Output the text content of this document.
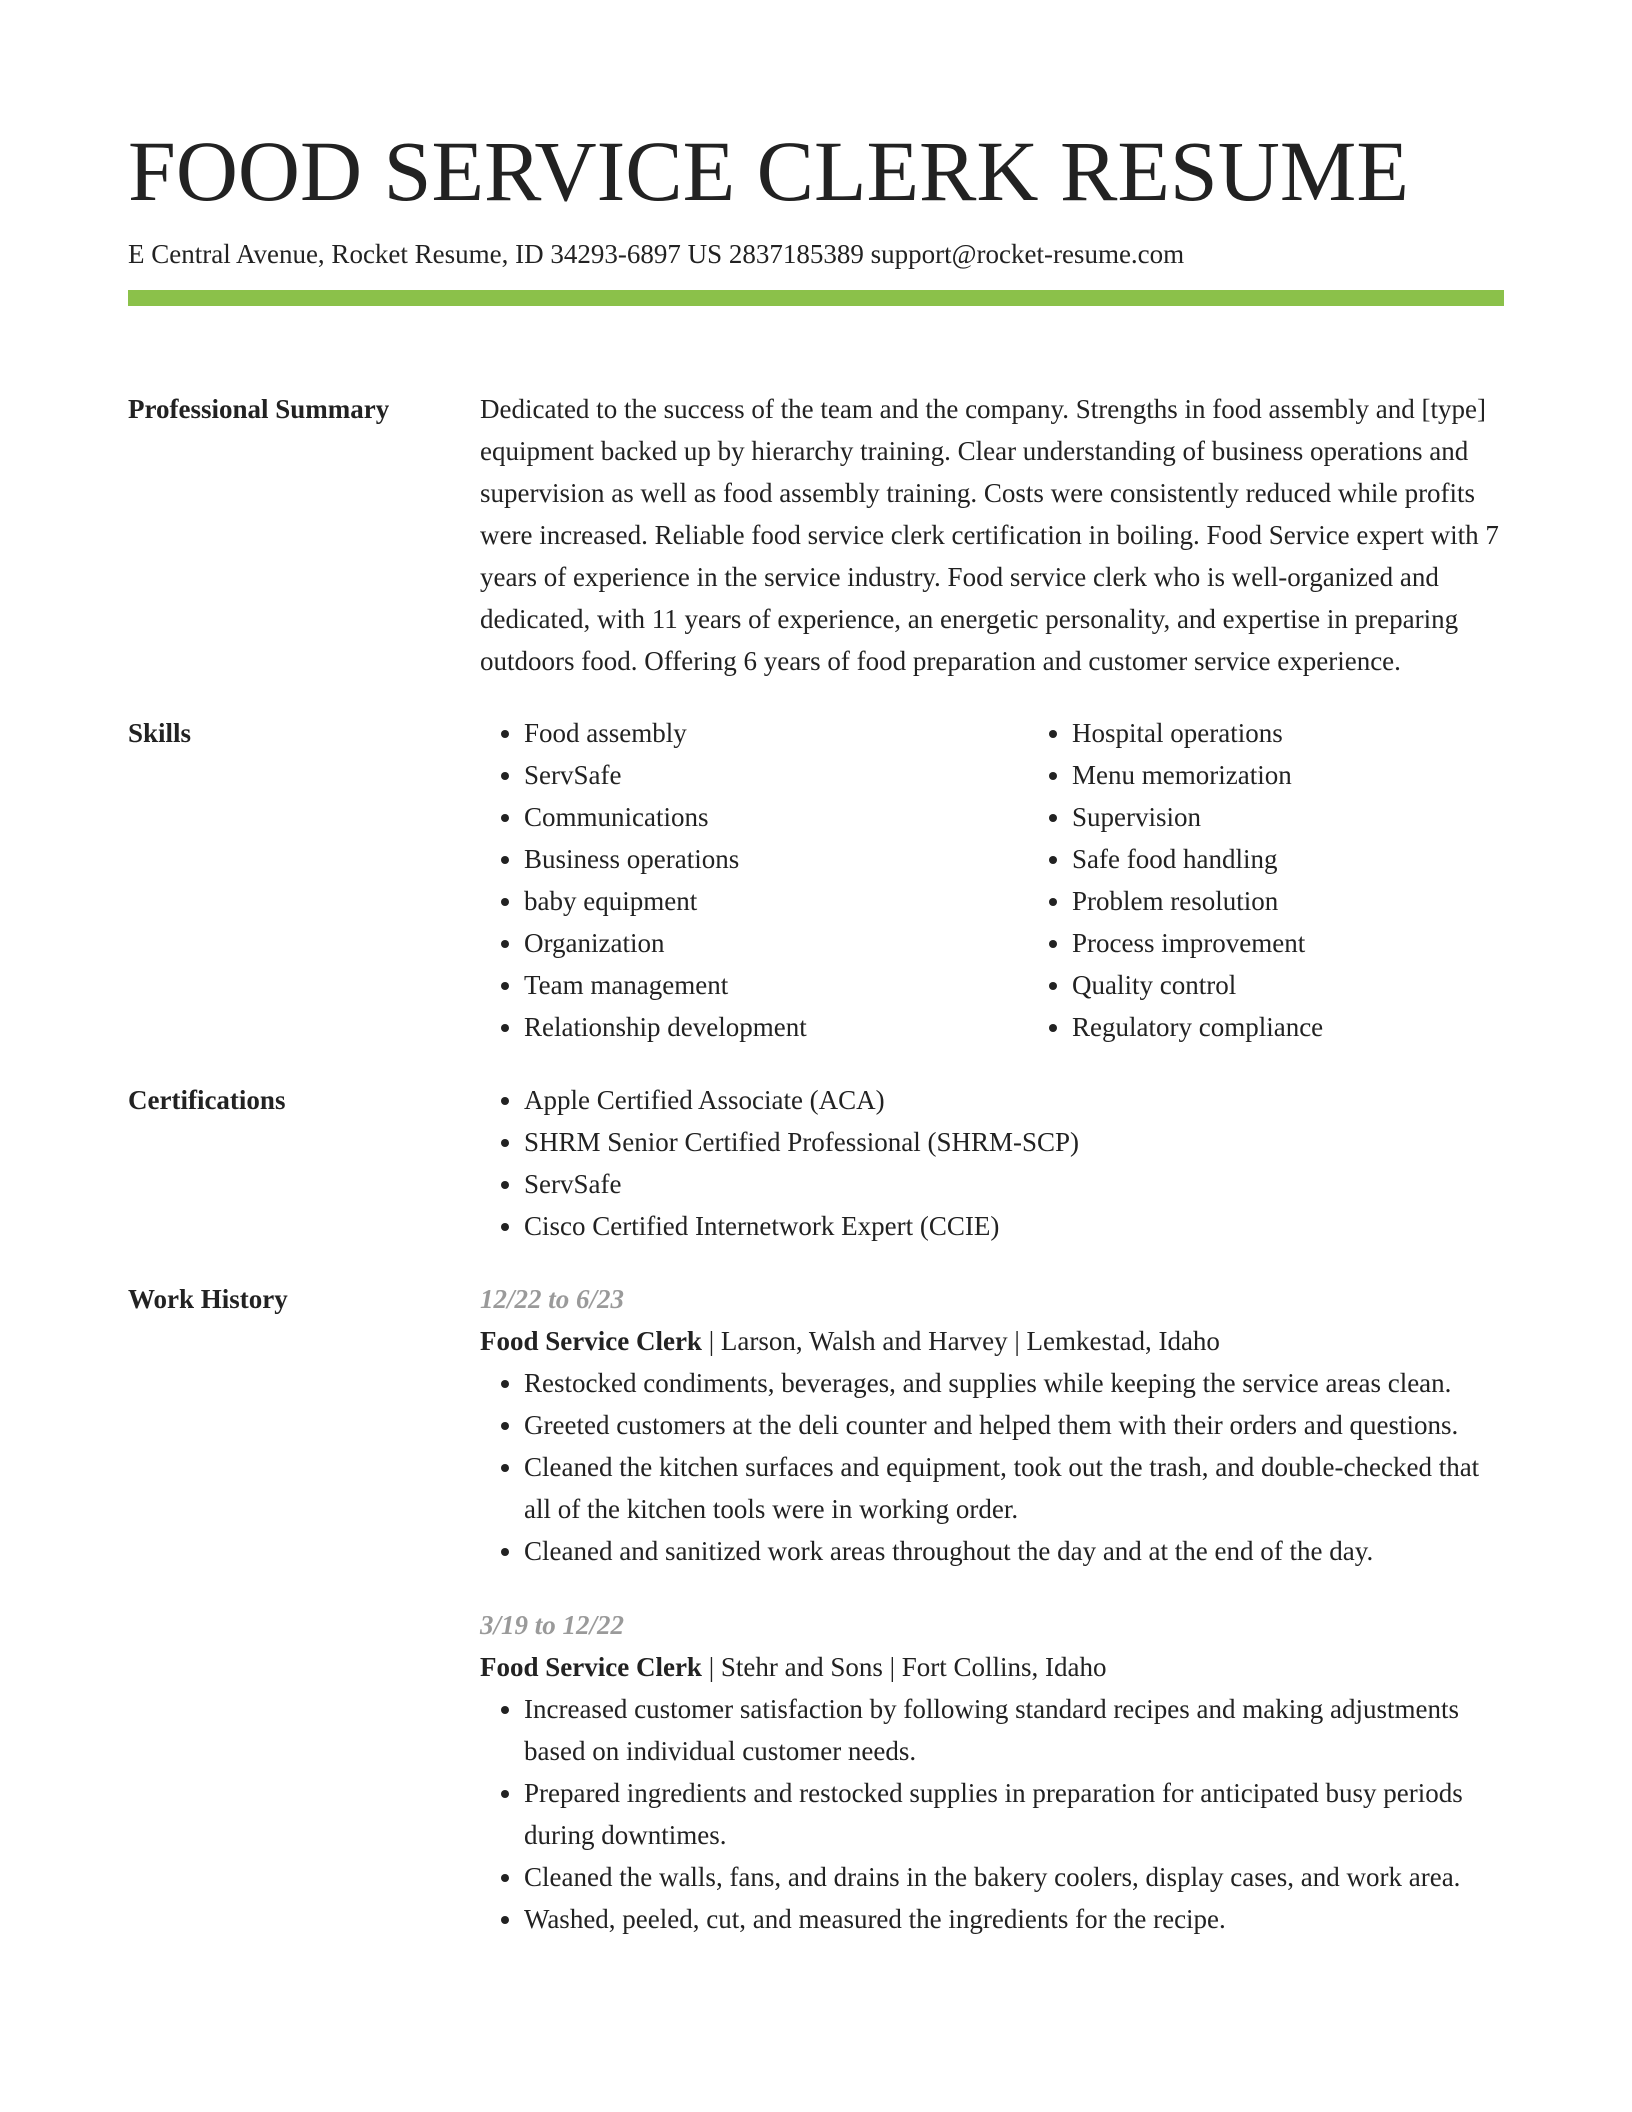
FOOD SERVICE CLERK RESUME
E Central Avenue, Rocket Resume, ID 34293-6897 US 2837185389 support@rocket-resume.com
Professional Summary	Dedicated to the success of the team and the company. Strengths in food assembly and [type] equipment backed up by hierarchy training. Clear understanding of business operations and supervision as well as food assembly training. Costs were consistently reduced while profits were increased. Reliable food service clerk certification in boiling. Food Service expert with 7 years of experience in the service industry. Food service clerk who is well-organized and dedicated, with 11 years of experience, an energetic personality, and expertise in preparing outdoors food. Offering 6 years of food preparation and customer service experience.

Skills	• Food assembly
• ServSafe
• Communications
• Business operations
• baby equipment
• Organization
• Team management
• Relationship development
• Hospital operations
• Menu memorization
• Supervision
• Safe food handling
• Problem resolution
• Process improvement
• Quality control
• Regulatory compliance
Certifications	• Apple Certified Associate (ACA)
• SHRM Senior Certified Professional (SHRM-SCP)
• ServSafe
• Cisco Certified Internetwork Expert (CCIE)
Work History	12/22 to 6/23
Food Service Clerk | Larson, Walsh and Harvey | Lemkestad, Idaho
• Restocked condiments, beverages, and supplies while keeping the service areas clean.
• Greeted customers at the deli counter and helped them with their orders and questions.
• Cleaned the kitchen surfaces and equipment, took out the trash, and double-checked that all of the kitchen tools were in working order.
• Cleaned and sanitized work areas throughout the day and at the end of the day.
3/19 to 12/22
Food Service Clerk | Stehr and Sons | Fort Collins, Idaho
• Increased customer satisfaction by following standard recipes and making adjustments based on individual customer needs.
• Prepared ingredients and restocked supplies in preparation for anticipated busy periods during downtimes.
• Cleaned the walls, fans, and drains in the bakery coolers, display cases, and work area.
• Washed, peeled, cut, and measured the ingredients for the recipe.
